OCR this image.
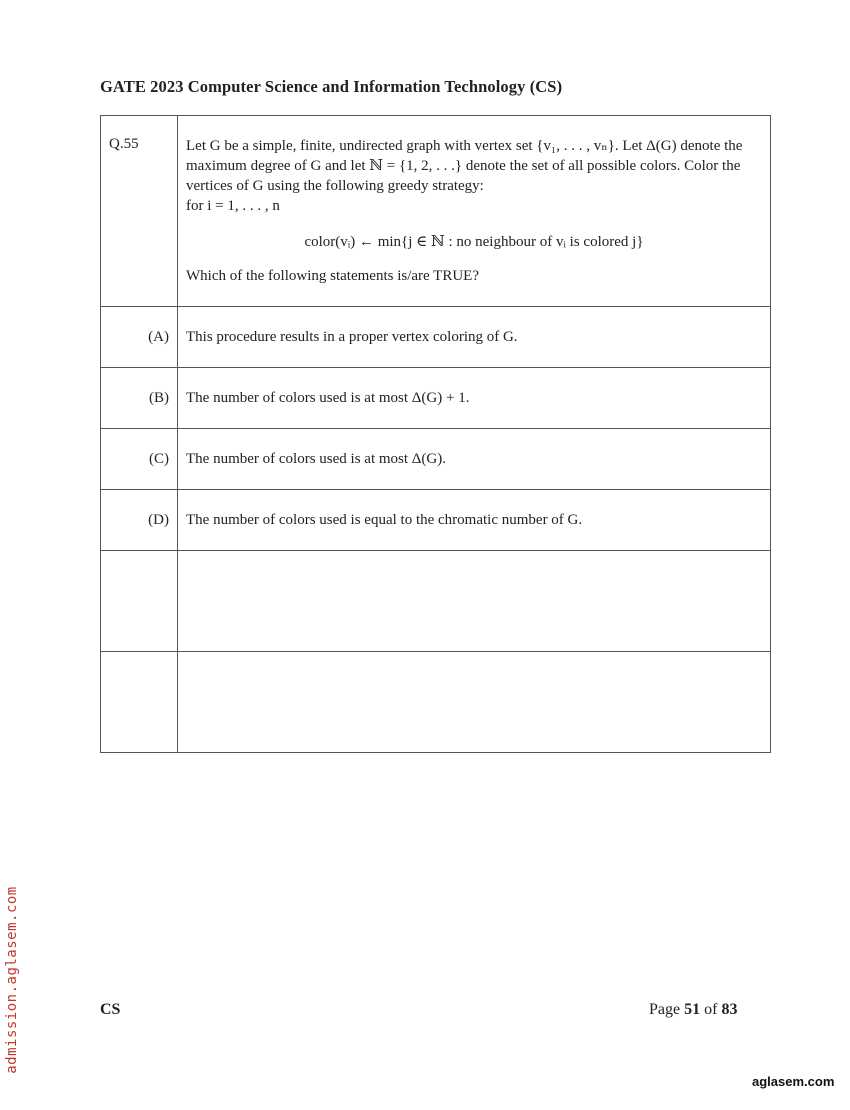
GATE 2023 Computer Science and Information Technology (CS)
Q.55	Let G be a simple, finite, undirected graph with vertex set {v₁, . . . , vₙ}. Let Δ(G) denote the maximum degree of G and let ℕ = {1, 2, . . .} denote the set of all possible colors. Color the vertices of G using the following greedy strategy:
for i = 1, . . . , n
color(vᵢ) ← min{j ∈ ℕ : no neighbour of vᵢ is colored j}
Which of the following statements is/are TRUE?

(A)	This procedure results in a proper vertex coloring of G.
(B)	The number of colors used is at most Δ(G) + 1.
(C)	The number of colors used is at most Δ(G).
(D)	The number of colors used is equal to the chromatic number of G.

CS	Page 51 of 83
admission.aglasem.com
aglasem.com
